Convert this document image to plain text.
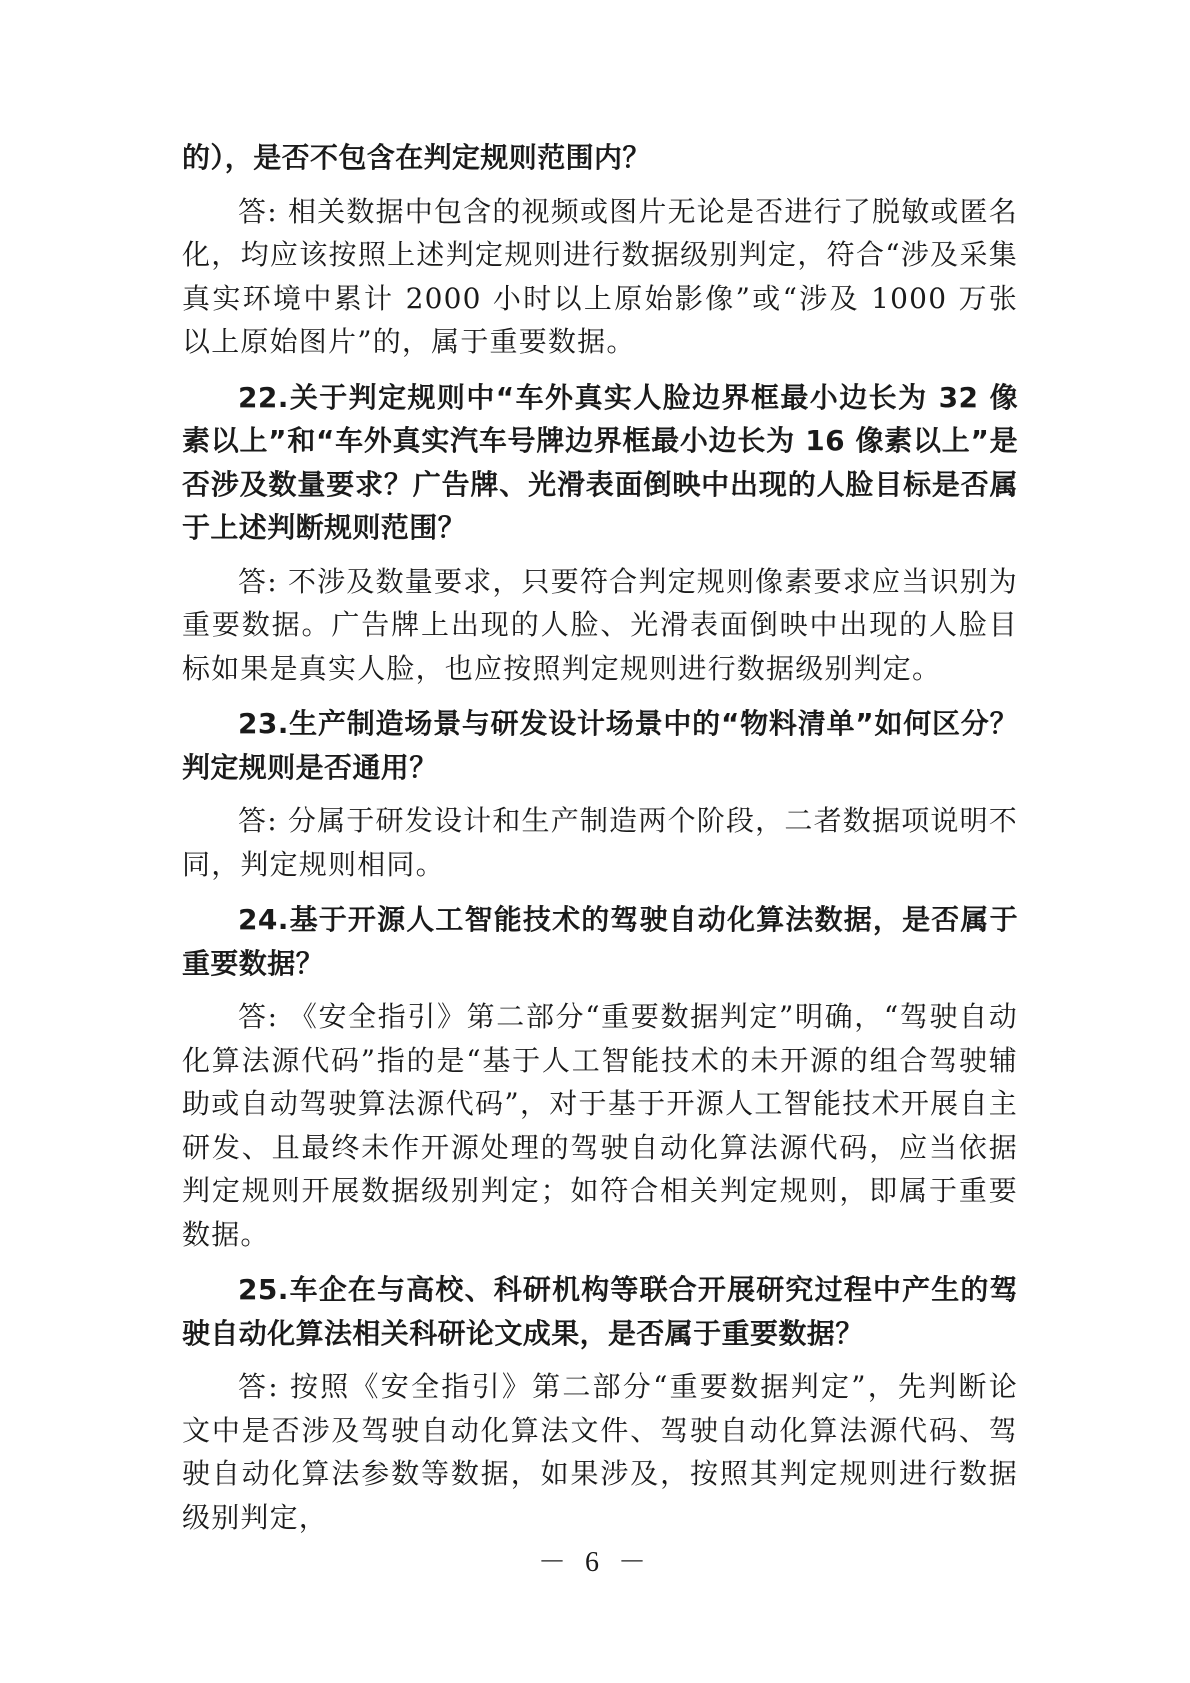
的），是否不包含在判定规则范围内？

答: 相关数据中包含的视频或图片无论是否进行了脱敏或匿名化，均应该按照上述判定规则进行数据级别判定，符合“涉及采集真实环境中累计 2000 小时以上原始影像”或“涉及 1000 万张以上原始图片”的，属于重要数据。

22.关于判定规则中“车外真实人脸边界框最小边长为 32 像素以上”和“车外真实汽车号牌边界框最小边长为 16 像素以上”是否涉及数量要求？广告牌、光滑表面倒映中出现的人脸目标是否属于上述判断规则范围？

答: 不涉及数量要求，只要符合判定规则像素要求应当识别为重要数据。广告牌上出现的人脸、光滑表面倒映中出现的人脸目标如果是真实人脸，也应按照判定规则进行数据级别判定。

23.生产制造场景与研发设计场景中的“物料清单”如何区分？判定规则是否通用？

答: 分属于研发设计和生产制造两个阶段，二者数据项说明不同，判定规则相同。

24.基于开源人工智能技术的驾驶自动化算法数据，是否属于重要数据？

答: 《安全指引》第二部分“重要数据判定”明确，“驾驶自动化算法源代码”指的是“基于人工智能技术的未开源的组合驾驶辅助或自动驾驶算法源代码”，对于基于开源人工智能技术开展自主研发、且最终未作开源处理的驾驶自动化算法源代码，应当依据判定规则开展数据级别判定；如符合相关判定规则，即属于重要数据。

25.车企在与高校、科研机构等联合开展研究过程中产生的驾驶自动化算法相关科研论文成果，是否属于重要数据？

答: 按照《安全指引》第二部分“重要数据判定”，先判断论文中是否涉及驾驶自动化算法文件、驾驶自动化算法源代码、驾驶自动化算法参数等数据，如果涉及，按照其判定规则进行数据级别判定，

－ 6 －
